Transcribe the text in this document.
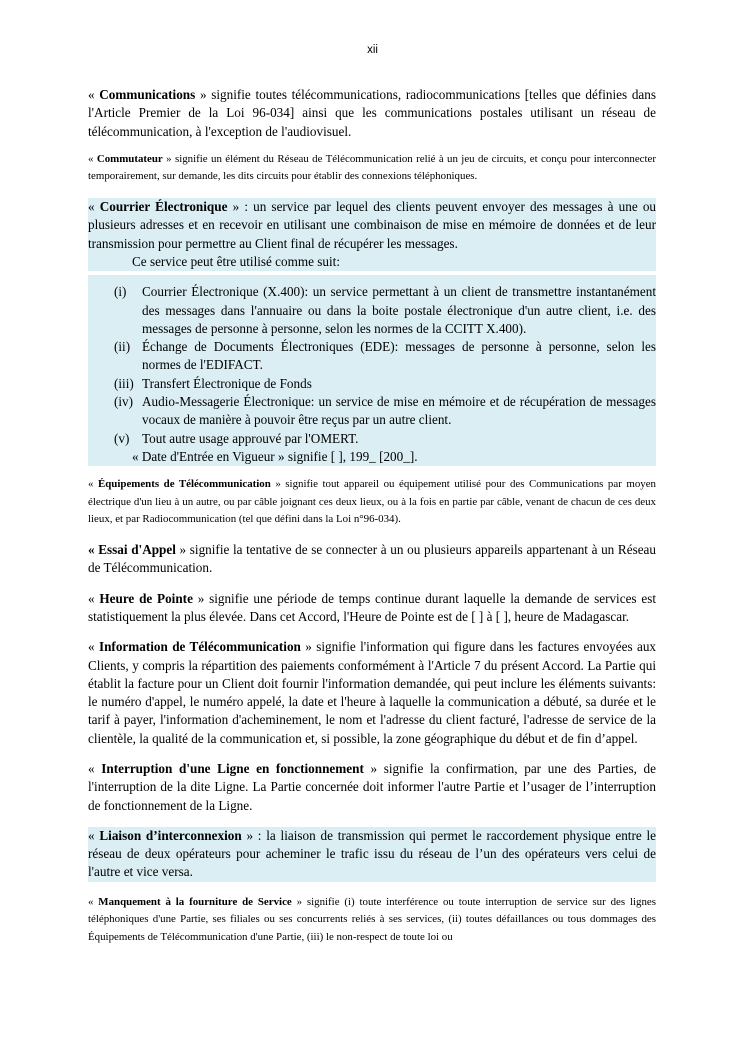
xii

« Communications » signifie toutes télécommunications, radiocommunications [telles que définies dans l'Article Premier de la Loi 96-034] ainsi que les communications postales utilisant un réseau de télécommunication, à l'exception de l'audiovisuel.

« Commutateur » signifie un élément du Réseau de Télécommunication relié à un jeu de circuits, et conçu pour interconnecter temporairement, sur demande, les dits circuits pour établir des connexions téléphoniques.

« Courrier Électronique » : un service par lequel des clients peuvent envoyer des messages à une ou plusieurs adresses et en recevoir en utilisant une combinaison de mise en mémoire de données et de leur transmission pour permettre au Client final de récupérer les messages.

Ce service peut être utilisé comme suit:

(i)	Courrier Électronique (X.400): un service permettant à un client de transmettre instantanément des messages dans l'annuaire ou dans la boite postale électronique d'un autre client, i.e. des messages de personne à personne, selon les normes de la CCITT X.400).
(ii) Échange de Documents Électroniques (EDE): messages de personne à personne, selon les normes de l'EDIFACT.
(iii) Transfert Électronique de Fonds
(iv) Audio-Messagerie Électronique: un service de mise en mémoire et de récupération de messages vocaux de manière à pouvoir être reçus par un autre client.
(v) Tout autre usage approuvé par l'OMERT.
« Date d'Entrée en Vigueur » signifie [ ], 199_ [200_].

« Équipements de Télécommunication » signifie tout appareil ou équipement utilisé pour des Communications par moyen électrique d'un lieu à un autre, ou par câble joignant ces deux lieux, ou à la fois en partie par câble, venant de chacun de ces deux lieux, et par Radiocommunication (tel que défini dans la Loi n°96-034).

« Essai d'Appel » signifie la tentative de se connecter à un ou plusieurs appareils appartenant à un Réseau de Télécommunication.

« Heure de Pointe » signifie une période de temps continue durant laquelle la demande de services est statistiquement la plus élevée. Dans cet Accord, l'Heure de Pointe est de [ ] à [ ], heure de Madagascar.

« Information de Télécommunication » signifie l'information qui figure dans les factures envoyées aux Clients, y compris la répartition des paiements conformément à l'Article 7 du présent Accord. La Partie qui établit la facture pour un Client doit fournir l'information demandée, qui peut inclure les éléments suivants: le numéro d'appel, le numéro appelé, la date et l'heure à laquelle la communication a débuté, sa durée et le tarif à payer, l'information d'acheminement, le nom et l'adresse du client facturé, l'adresse de service de la clientèle, la qualité de la communication et, si possible, la zone géographique du début et de fin d’appel.

« Interruption d'une Ligne en fonctionnement » signifie la confirmation, par une des Parties, de l'interruption de la dite Ligne. La Partie concernée doit informer l'autre Partie et l’usager de l’interruption de fonctionnement de la Ligne.

« Liaison d’interconnexion » : la liaison de transmission qui permet le raccordement physique entre le réseau de deux opérateurs pour acheminer le trafic issu du réseau de l’un des opérateurs vers celui de l'autre et vice versa.

« Manquement à la fourniture de Service » signifie (i) toute interférence ou toute interruption de service sur des lignes téléphoniques d'une Partie, ses filiales ou ses concurrents reliés à ses services, (ii) toutes défaillances ou tous dommages des Équipements de Télécommunication d'une Partie, (iii) le non-respect de toute loi ou
